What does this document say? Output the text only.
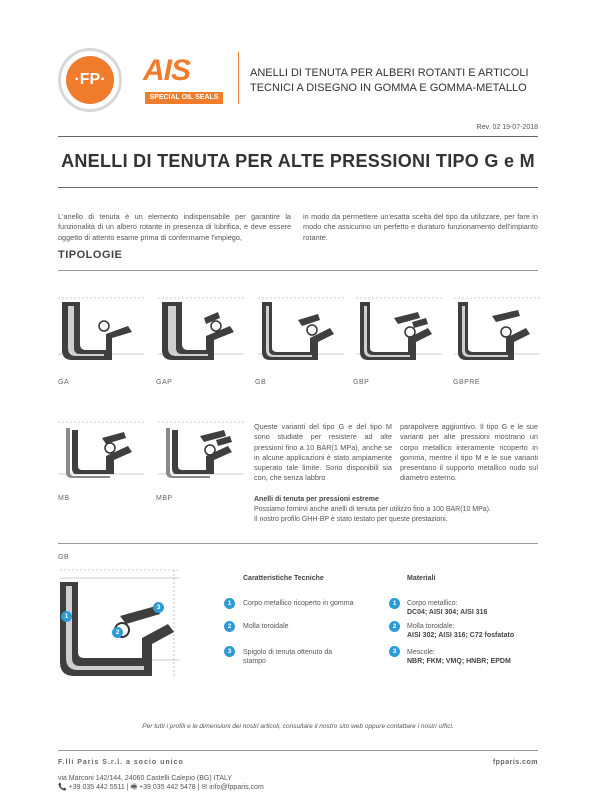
·FP· AIS
SPECIAL OIL SEALS
ANELLI DI TENUTA PER ALBERI ROTANTI E ARTICOLI
TECNICI A DISEGNO IN GOMMA E GOMMA-METALLO
Rev. 02 19-07-2018
ANELLI DI TENUTA PER ALTE PRESSIONI TIPO G e M
L'anello di tenuta è un elemento indispensabile per garantire la funzionalità di un albero rotante in presenza di lubrifica, e deve essere oggetto di attento esame prima di confermarne l'impiego,
in modo da permettere un'esatta scelta del tipo da utilizzare, per fare in modo che assicurino un perfetto e duraturo funzionamento dell'impianto rotante.
TIPOLOGIE
GA	GAP	GB	GBP	GBPRE
MB	MBP
Queste varianti del tipo G e del tipo M sono studiate per resistere ad alte pressioni fino a 10 BAR(1 MPa), anche se in alcune applicazioni è stato ampiamente superato tale limite. Sono disponibili sia con, che senza labbro
parapolvere aggiuntivo. Il tipo G e le sue varianti per alte pressioni mostrano un corpo metallico interamente ricoperto in gomma, mentre il tipo M e le sue varianti presentano il supporto metallico nudo sul diametro esterno.
Anelli di tenuta per pressioni estreme
Possiamo fornirvi anche anelli di tenuta per utilizzo fino a 100 BAR(10 MPa).
Il nostro profilo GHH-BP è stato testato per queste prestazioni.
GB
1
2
3
Caratteristiche Tecniche
1	Corpo metallico ricoperto in gomma
2	Molla toroidale
3	Spigolo di tenuta ottenuto da stampo
Materiali
1	Corpo metallico:
DC04; AISI 304; AISI 316
2	Molla toroidale:
AISI 302; AISI 316; C72 fosfatato
3	Mescole:
NBR; FKM; VMQ; HNBR; EPDM
Per tutti i profili e le dimensioni dei nostri articoli, consultare il nostro sito web oppure contattare i nostri uffici.
F.lli Paris S.r.l. a socio unico	fpparis.com
via Marconi 142/144, 24060 Castelli Calepio (BG) ITALY
📞 +39 035 442 5511 | 🖷 +39 035 442 5478 | ✉ info@fpparis.com
